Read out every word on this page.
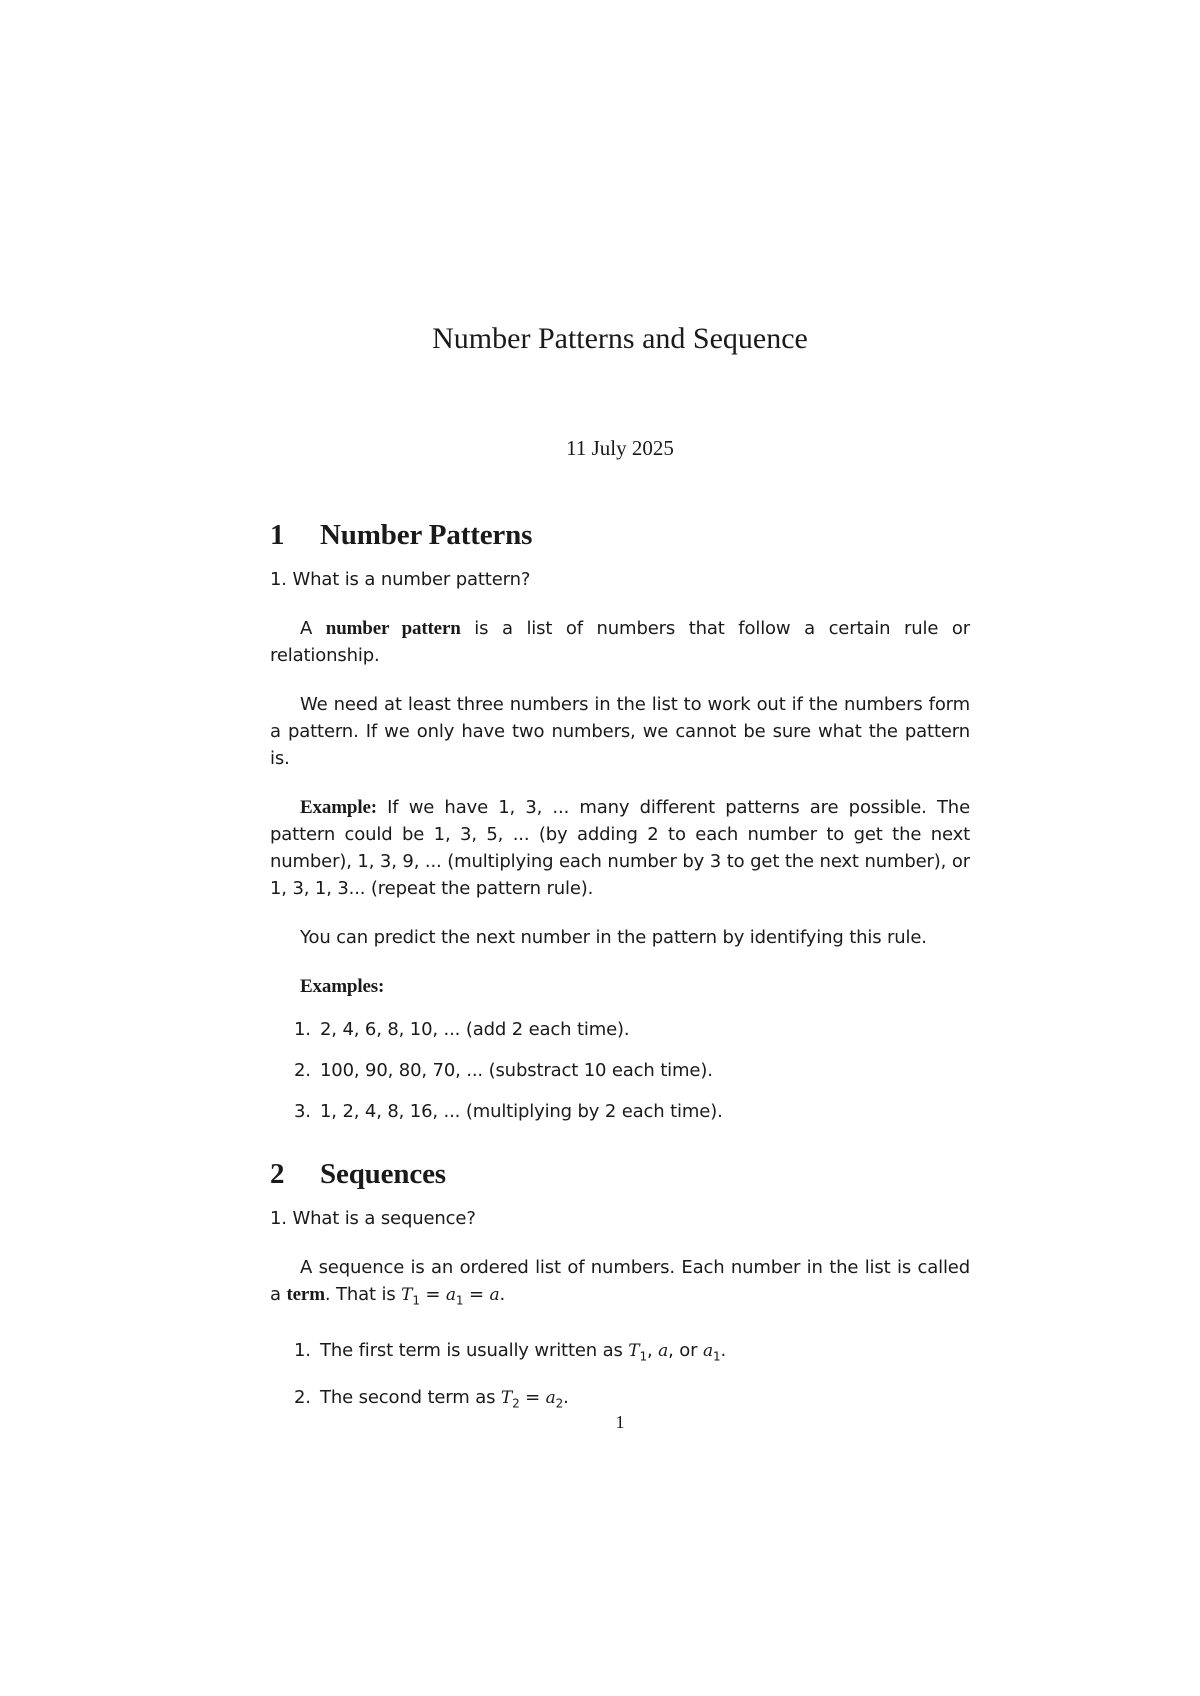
Number Patterns and Sequence
11 July 2025
1	Number Patterns

1. What is a number pattern?

A number pattern is a list of numbers that follow a certain rule or relationship.

We need at least three numbers in the list to work out if the numbers form a pattern. If we only have two numbers, we cannot be sure what the pattern is.

Example: If we have 1, 3, ... many different patterns are possible. The pattern could be 1, 3, 5, ... (by adding 2 to each number to get the next number), 1, 3, 9, ... (multiplying each number by 3 to get the next number), or 1, 3, 1, 3... (repeat the pattern rule).

You can predict the next number in the pattern by identifying this rule.

Examples:

1. 2, 4, 6, 8, 10, ... (add 2 each time).
2. 100, 90, 80, 70, ... (substract 10 each time).
3. 1, 2, 4, 8, 16, ... (multiplying by 2 each time).
2	Sequences

1. What is a sequence?

A sequence is an ordered list of numbers. Each number in the list is called a term. That is $T_1 = a_1 = a$.

1. The first term is usually written as $T_1$, a, or $a_1$.
2. The second term as $T_2 = a_2$.
1
